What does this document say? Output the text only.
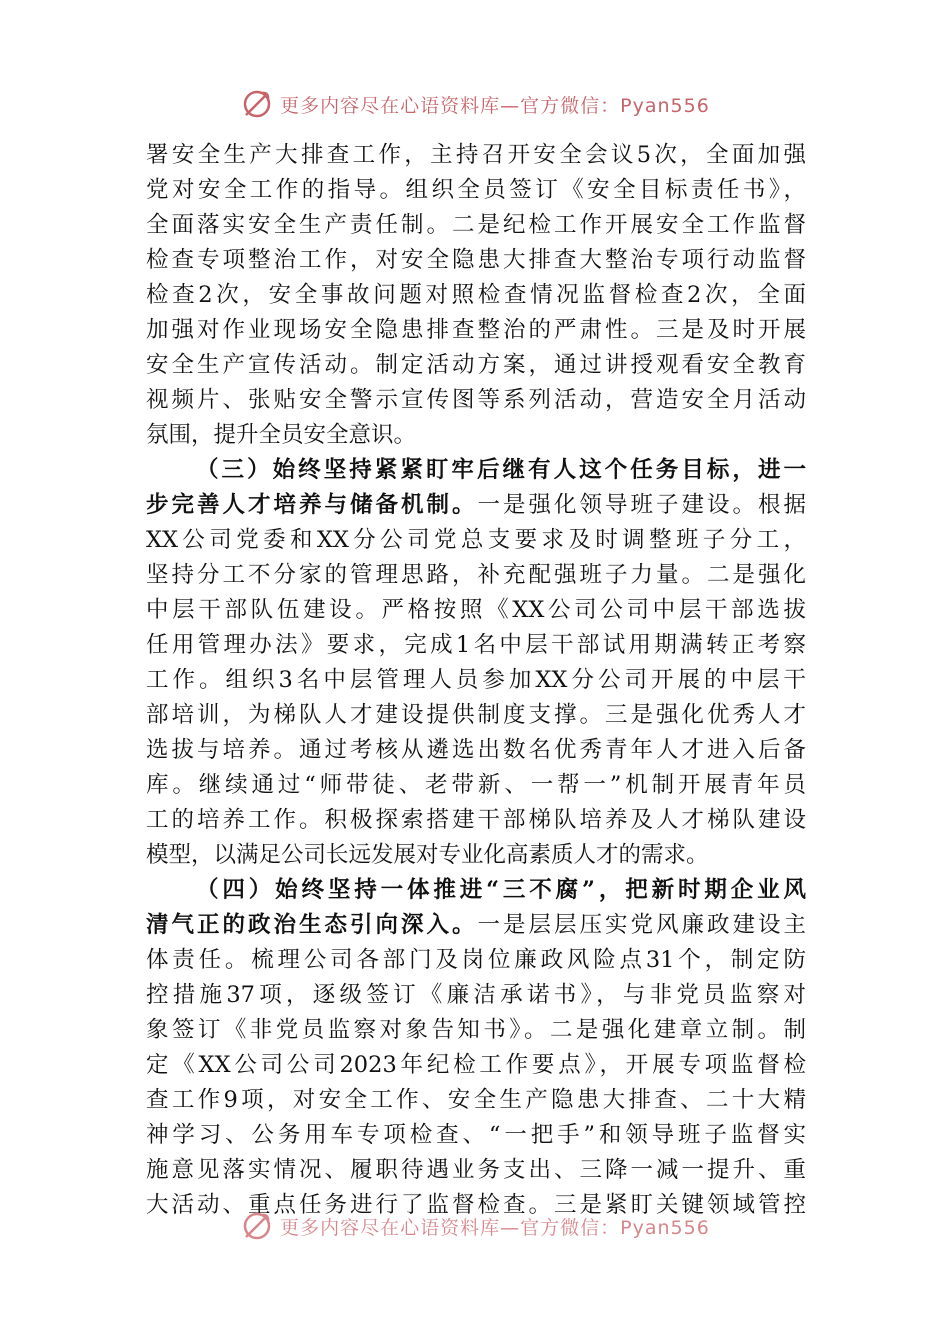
更多内容尽在心语资料库—官方微信：Pyan556
署安全生产大排查工作，主持召开安全会议5次，全面加强
党对安全工作的指导。组织全员签订《安全目标责任书》，
全面落实安全生产责任制。二是纪检工作开展安全工作监督
检查专项整治工作，对安全隐患大排查大整治专项行动监督
检查2次，安全事故问题对照检查情况监督检查2次，全面
加强对作业现场安全隐患排查整治的严肃性。三是及时开展
安全生产宣传活动。制定活动方案，通过讲授观看安全教育
视频片、张贴安全警示宣传图等系列活动，营造安全月活动
氛围，提升全员安全意识。
（三）始终坚持紧紧盯牢后继有人这个任务目标，进一
步完善人才培养与储备机制。一是强化领导班子建设。根据
XX公司党委和XX分公司党总支要求及时调整班子分工，
坚持分工不分家的管理思路，补充配强班子力量。二是强化
中层干部队伍建设。严格按照《XX公司公司中层干部选拔
任用管理办法》要求，完成1名中层干部试用期满转正考察
工作。组织3名中层管理人员参加XX分公司开展的中层干
部培训，为梯队人才建设提供制度支撑。三是强化优秀人才
选拔与培养。通过考核从遴选出数名优秀青年人才进入后备
库。继续通过“师带徒、老带新、一帮一”机制开展青年员
工的培养工作。积极探索搭建干部梯队培养及人才梯队建设
模型，以满足公司长远发展对专业化高素质人才的需求。
（四）始终坚持一体推进“三不腐”，把新时期企业风
清气正的政治生态引向深入。一是层层压实党风廉政建设主
体责任。梳理公司各部门及岗位廉政风险点31个，制定防
控措施37项，逐级签订《廉洁承诺书》，与非党员监察对
象签订《非党员监察对象告知书》。二是强化建章立制。制
定《XX公司公司2023年纪检工作要点》，开展专项监督检
查工作9项，对安全工作、安全生产隐患大排查、二十大精
神学习、公务用车专项检查、“一把手”和领导班子监督实
施意见落实情况、履职待遇业务支出、三降一减一提升、重
大活动、重点任务进行了监督检查。三是紧盯关键领域管控
更多内容尽在心语资料库—官方微信：Pyan556
